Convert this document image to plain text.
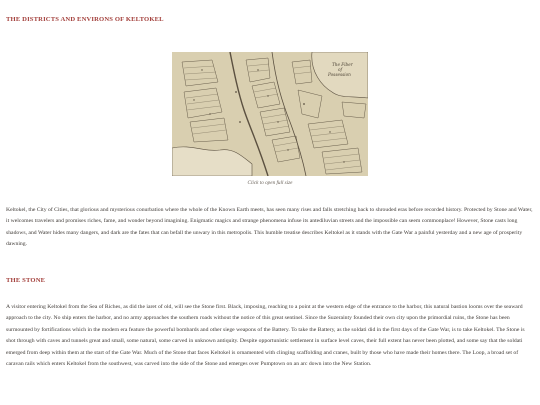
THE DISTRICTS AND ENVIRONS OF KELTOKEL
The Fiber
of
Possession
Click to open full size

Keltokel, the City of Cities, that glorious and mysterious conurbation where the whole of the Known Earth meets, has seen many rises and falls stretching back to shrouded eras before recorded history. Protected by Stone and Water, it welcomes travelers and promises riches, fame, and wonder beyond imagining. Enigmatic magics and strange phenomena infuse its antediluvian streets and the impossible can seem commonplace! However, Stone casts long shadows, and Water hides many dangers, and dark are the fates that can befall the unwary in this metropolis. This humble treatise describes Keltokel as it stands with the Gate War a painful yesterday and a new age of prosperity dawning.

THE STONE

A visitor entering Keltokel from the Sea of Riches, as did the iaret of old, will see the Stone first. Black, imposing, reaching to a point at the western edge of the entrance to the harbor, this natural bastion looms over the seaward approach to the city. No ship enters the harbor, and no army approaches the southern roads without the notice of this great sentinel. Since the Suzerainty founded their own city upon the primordial ruins, the Stone has been surmounted by fortifications which in the modern era feature the powerful bombards and other siege weapons of the Battery. To take the Battery, as the soldati did in the first days of the Gate War, is to take Keltokel. The Stone is shot through with caves and tunnels great and small, some natural, some carved in unknown antiquity. Despite opportunistic settlement in surface level caves, their full extent has never been plotted, and some say that the soldati emerged from deep within them at the start of the Gate War. Much of the Stone that faces Keltokel is ornamented with clinging scaffolding and cranes, built by those who have made their homes there. The Loop, a broad set of caravan rails which enters Keltokel from the southwest, was carved into the side of the Stone and emerges over Pumptown on an arc down into the New Station.
